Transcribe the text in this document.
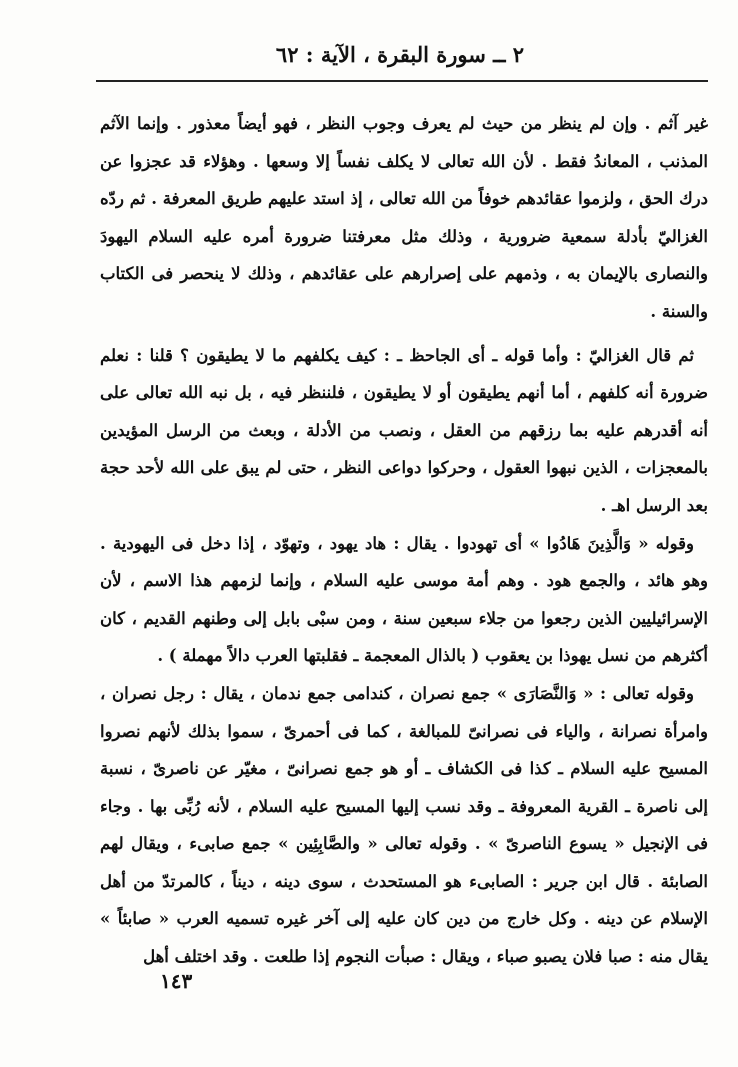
٢ ــ سورة البقرة ، الآية : ٦٢

غير آثم . وإن لم ينظر من حيث لم يعرف وجوب النظر ، فهو أيضاً معذور . وإنما الآثم المذنب ، المعاندُ فقط . لأن الله تعالى لا يكلف نفساً إلا وسعها . وهؤلاء قد عجزوا عن درك الحق ، ولزموا عقائدهم خوفاً من الله تعالى ، إذ استد عليهم طريق المعرفة . ثم ردّه الغزاليّ بأدلة سمعية ضرورية ، وذلك مثل معرفتنا ضرورة أمره عليه السلام اليهودَ والنصارى بالإيمان به ، وذمهم على إصرارهم على عقائدهم ، وذلك لا ينحصر فى الكتاب والسنة .

ثم قال الغزاليّ : وأما قوله ـ أى الجاحظ ـ : كيف يكلفهم ما لا يطيقون ؟ قلنا : نعلم ضرورة أنه كلفهم ، أما أنهم يطيقون أو لا يطيقون ، فلننظر فيه ، بل نبه الله تعالى على أنه أقدرهم عليه بما رزقهم من العقل ، ونصب من الأدلة ، وبعث من الرسل المؤيدين بالمعجزات ، الذين نبهوا العقول ، وحركوا دواعى النظر ، حتى لم يبق على الله لأحد حجة بعد الرسل اهـ .

وقوله « وَالَّذِينَ هَادُوا » أى تهودوا . يقال : هاد يهود ، وتهوّد ، إذا دخل فى اليهودية . وهو هائد ، والجمع هود . وهم أمة موسى عليه السلام ، وإنما لزمهم هذا الاسم ، لأن الإسرائيليين الذين رجعوا من جلاء سبعين سنة ، ومن سبْى بابل إلى وطنهم القديم ، كان أكثرهم من نسل يهوذا بن يعقوب ( بالذال المعجمة ـ فقلبتها العرب دالاً مهملة ) .

وقوله تعالى : « وَالنَّصَارَى » جمع نصران ، كندامى جمع ندمان ، يقال : رجل نصران ، وامرأة نصرانة ، والياء فى نصرانىّ للمبالغة ، كما فى أحمرىّ ، سموا بذلك لأنهم نصروا المسيح عليه السلام ـ كذا فى الكشاف ـ أو هو جمع نصرانىّ ، مغيّر عن ناصرىّ ، نسبة إلى ناصرة ـ القرية المعروفة ـ وقد نسب إليها المسيح عليه السلام ، لأنه رُبِّى بها . وجاء فى الإنجيل « يسوع الناصرىّ » . وقوله تعالى « والصَّابِئِين » جمع صابىء ، ويقال لهم الصابئة . قال ابن جرير : الصابىء هو المستحدث ، سوى دينه ، ديناً ، كالمرتدّ من أهل الإسلام عن دينه . وكل خارج من دين كان عليه إلى آخر غيره تسميه العرب « صابئاً » يقال منه : صبا فلان يصبو صباء ، ويقال : صبأت النجوم إذا طلعت . وقد اختلف أهل

١٤٣
